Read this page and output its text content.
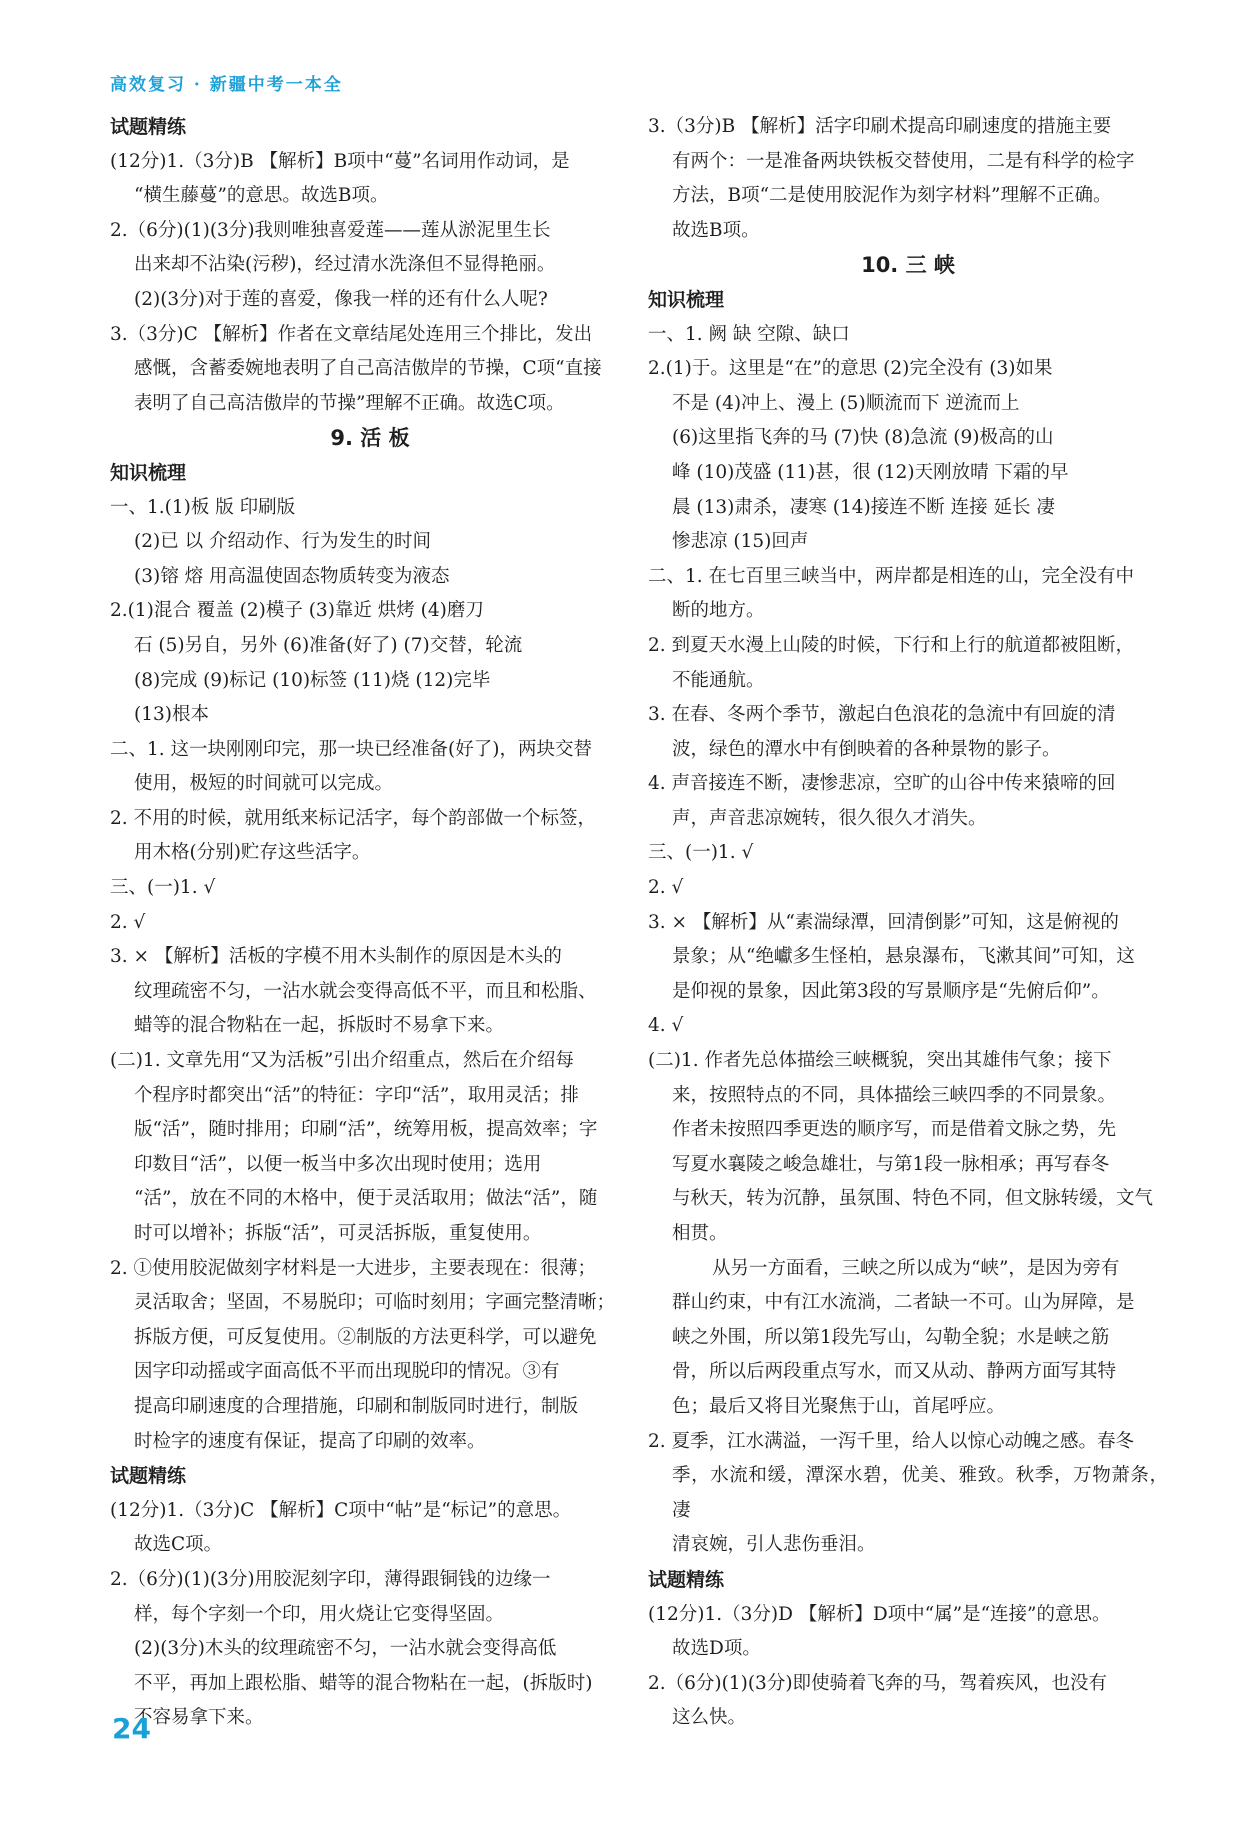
高效复习 · 新疆中考一本全

试题精练

(12分)1.（3分)B 【解析】B项中“蔓”名词用作动词，是

“横生藤蔓”的意思。故选B项。

2.（6分)(1)(3分)我则唯独喜爱莲——莲从淤泥里生长

出来却不沾染(污秽)，经过清水洗涤但不显得艳丽。

(2)(3分)对于莲的喜爱，像我一样的还有什么人呢?

3.（3分)C 【解析】作者在文章结尾处连用三个排比，发出

感慨，含蓄委婉地表明了自己高洁傲岸的节操，C项“直接

表明了自己高洁傲岸的节操”理解不正确。故选C项。

9. 活 板

知识梳理

一、1.(1)板 版 印刷版

(2)已 以 介绍动作、行为发生的时间

(3)镕 熔 用高温使固态物质转变为液态

2.(1)混合 覆盖 (2)模子 (3)靠近 烘烤 (4)磨刀

石 (5)另自，另外 (6)准备(好了) (7)交替，轮流

(8)完成 (9)标记 (10)标签 (11)烧 (12)完毕

(13)根本

二、1. 这一块刚刚印完，那一块已经准备(好了)，两块交替

使用，极短的时间就可以完成。

2. 不用的时候，就用纸来标记活字，每个韵部做一个标签，

用木格(分别)贮存这些活字。

三、(一)1. √

2. √

3. × 【解析】活板的字模不用木头制作的原因是木头的

纹理疏密不匀，一沾水就会变得高低不平，而且和松脂、

蜡等的混合物粘在一起，拆版时不易拿下来。

(二)1. 文章先用“又为活板”引出介绍重点，然后在介绍每

个程序时都突出“活”的特征：字印“活”，取用灵活；排

版“活”，随时排用；印刷“活”，统筹用板，提高效率；字

印数目“活”，以便一板当中多次出现时使用；选用

“活”，放在不同的木格中，便于灵活取用；做法“活”，随

时可以增补；拆版“活”，可灵活拆版，重复使用。

2. ①使用胶泥做刻字材料是一大进步，主要表现在：很薄；

灵活取舍；坚固，不易脱印；可临时刻用；字画完整清晰；

拆版方便，可反复使用。②制版的方法更科学，可以避免

因字印动摇或字面高低不平而出现脱印的情况。③有

提高印刷速度的合理措施，印刷和制版同时进行，制版

时检字的速度有保证，提高了印刷的效率。

试题精练

(12分)1.（3分)C 【解析】C项中“帖”是“标记”的意思。

故选C项。

2.（6分)(1)(3分)用胶泥刻字印，薄得跟铜钱的边缘一

样，每个字刻一个印，用火烧让它变得坚固。

(2)(3分)木头的纹理疏密不匀，一沾水就会变得高低

不平，再加上跟松脂、蜡等的混合物粘在一起，(拆版时)

不容易拿下来。

3.（3分)B 【解析】活字印刷术提高印刷速度的措施主要

有两个：一是准备两块铁板交替使用，二是有科学的检字

方法，B项“二是使用胶泥作为刻字材料”理解不正确。

故选B项。

10. 三 峡

知识梳理

一、1. 阙 缺 空隙、缺口

2.(1)于。这里是“在”的意思 (2)完全没有 (3)如果

不是 (4)冲上、漫上 (5)顺流而下 逆流而上

(6)这里指飞奔的马 (7)快 (8)急流 (9)极高的山

峰 (10)茂盛 (11)甚，很 (12)天刚放晴 下霜的早

晨 (13)肃杀，凄寒 (14)接连不断 连接 延长 凄

惨悲凉 (15)回声

二、1. 在七百里三峡当中，两岸都是相连的山，完全没有中

断的地方。

2. 到夏天水漫上山陵的时候，下行和上行的航道都被阻断，

不能通航。

3. 在春、冬两个季节，激起白色浪花的急流中有回旋的清

波，绿色的潭水中有倒映着的各种景物的影子。

4. 声音接连不断，凄惨悲凉，空旷的山谷中传来猿啼的回

声，声音悲凉婉转，很久很久才消失。

三、(一)1. √

2. √

3. × 【解析】从“素湍绿潭，回清倒影”可知，这是俯视的

景象；从“绝巘多生怪柏，悬泉瀑布，飞漱其间”可知，这

是仰视的景象，因此第3段的写景顺序是“先俯后仰”。

4. √

(二)1. 作者先总体描绘三峡概貌，突出其雄伟气象；接下

来，按照特点的不同，具体描绘三峡四季的不同景象。

作者未按照四季更迭的顺序写，而是借着文脉之势，先

写夏水襄陵之峻急雄壮，与第1段一脉相承；再写春冬

与秋天，转为沉静，虽氛围、特色不同，但文脉转缓，文气

相贯。

从另一方面看，三峡之所以成为“峡”，是因为旁有

群山约束，中有江水流淌，二者缺一不可。山为屏障，是

峡之外围，所以第1段先写山，勾勒全貌；水是峡之筋

骨，所以后两段重点写水，而又从动、静两方面写其特

色；最后又将目光聚焦于山，首尾呼应。

2. 夏季，江水满溢，一泻千里，给人以惊心动魄之感。春冬

季，水流和缓，潭深水碧，优美、雅致。秋季，万物萧条，凄

清哀婉，引人悲伤垂泪。

试题精练

(12分)1.（3分)D 【解析】D项中“属”是“连接”的意思。

故选D项。

2.（6分)(1)(3分)即使骑着飞奔的马，驾着疾风，也没有

这么快。

24
